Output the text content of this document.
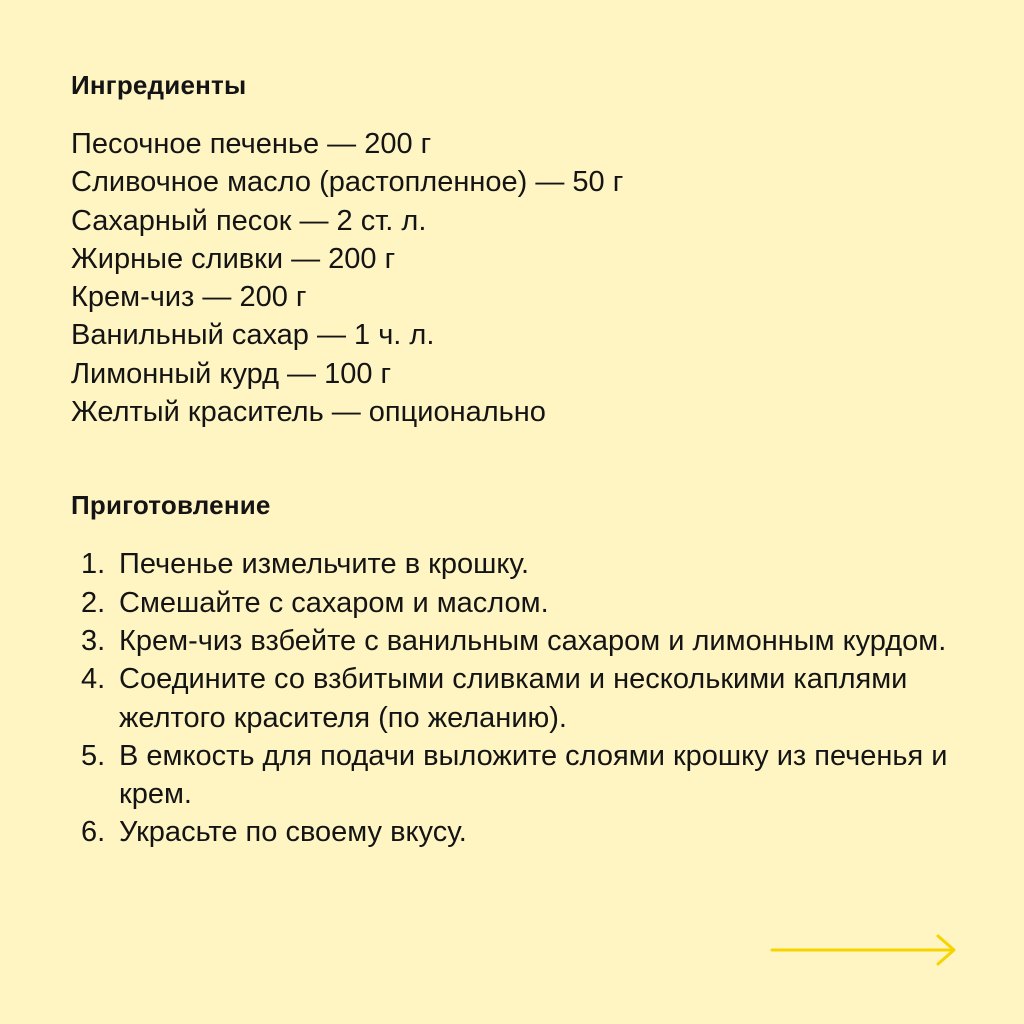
Ингредиенты
Песочное печенье — 200 г
Сливочное масло (растопленное) — 50 г
Сахарный песок — 2 ст. л.
Жирные сливки — 200 г
Крем-чиз — 200 г
Ванильный сахар — 1 ч. л.
Лимонный курд — 100 г
Желтый краситель — опционально
Приготовление
1. Печенье измельчите в крошку.
2. Смешайте с сахаром и маслом.
3. Крем-чиз взбейте с ванильным сахаром и лимонным курдом.
4. Соедините со взбитыми сливками и несколькими каплями желтого красителя (по желанию).
5. В емкость для подачи выложите слоями крошку из печенья и крем.
6. Украсьте по своему вкусу.
